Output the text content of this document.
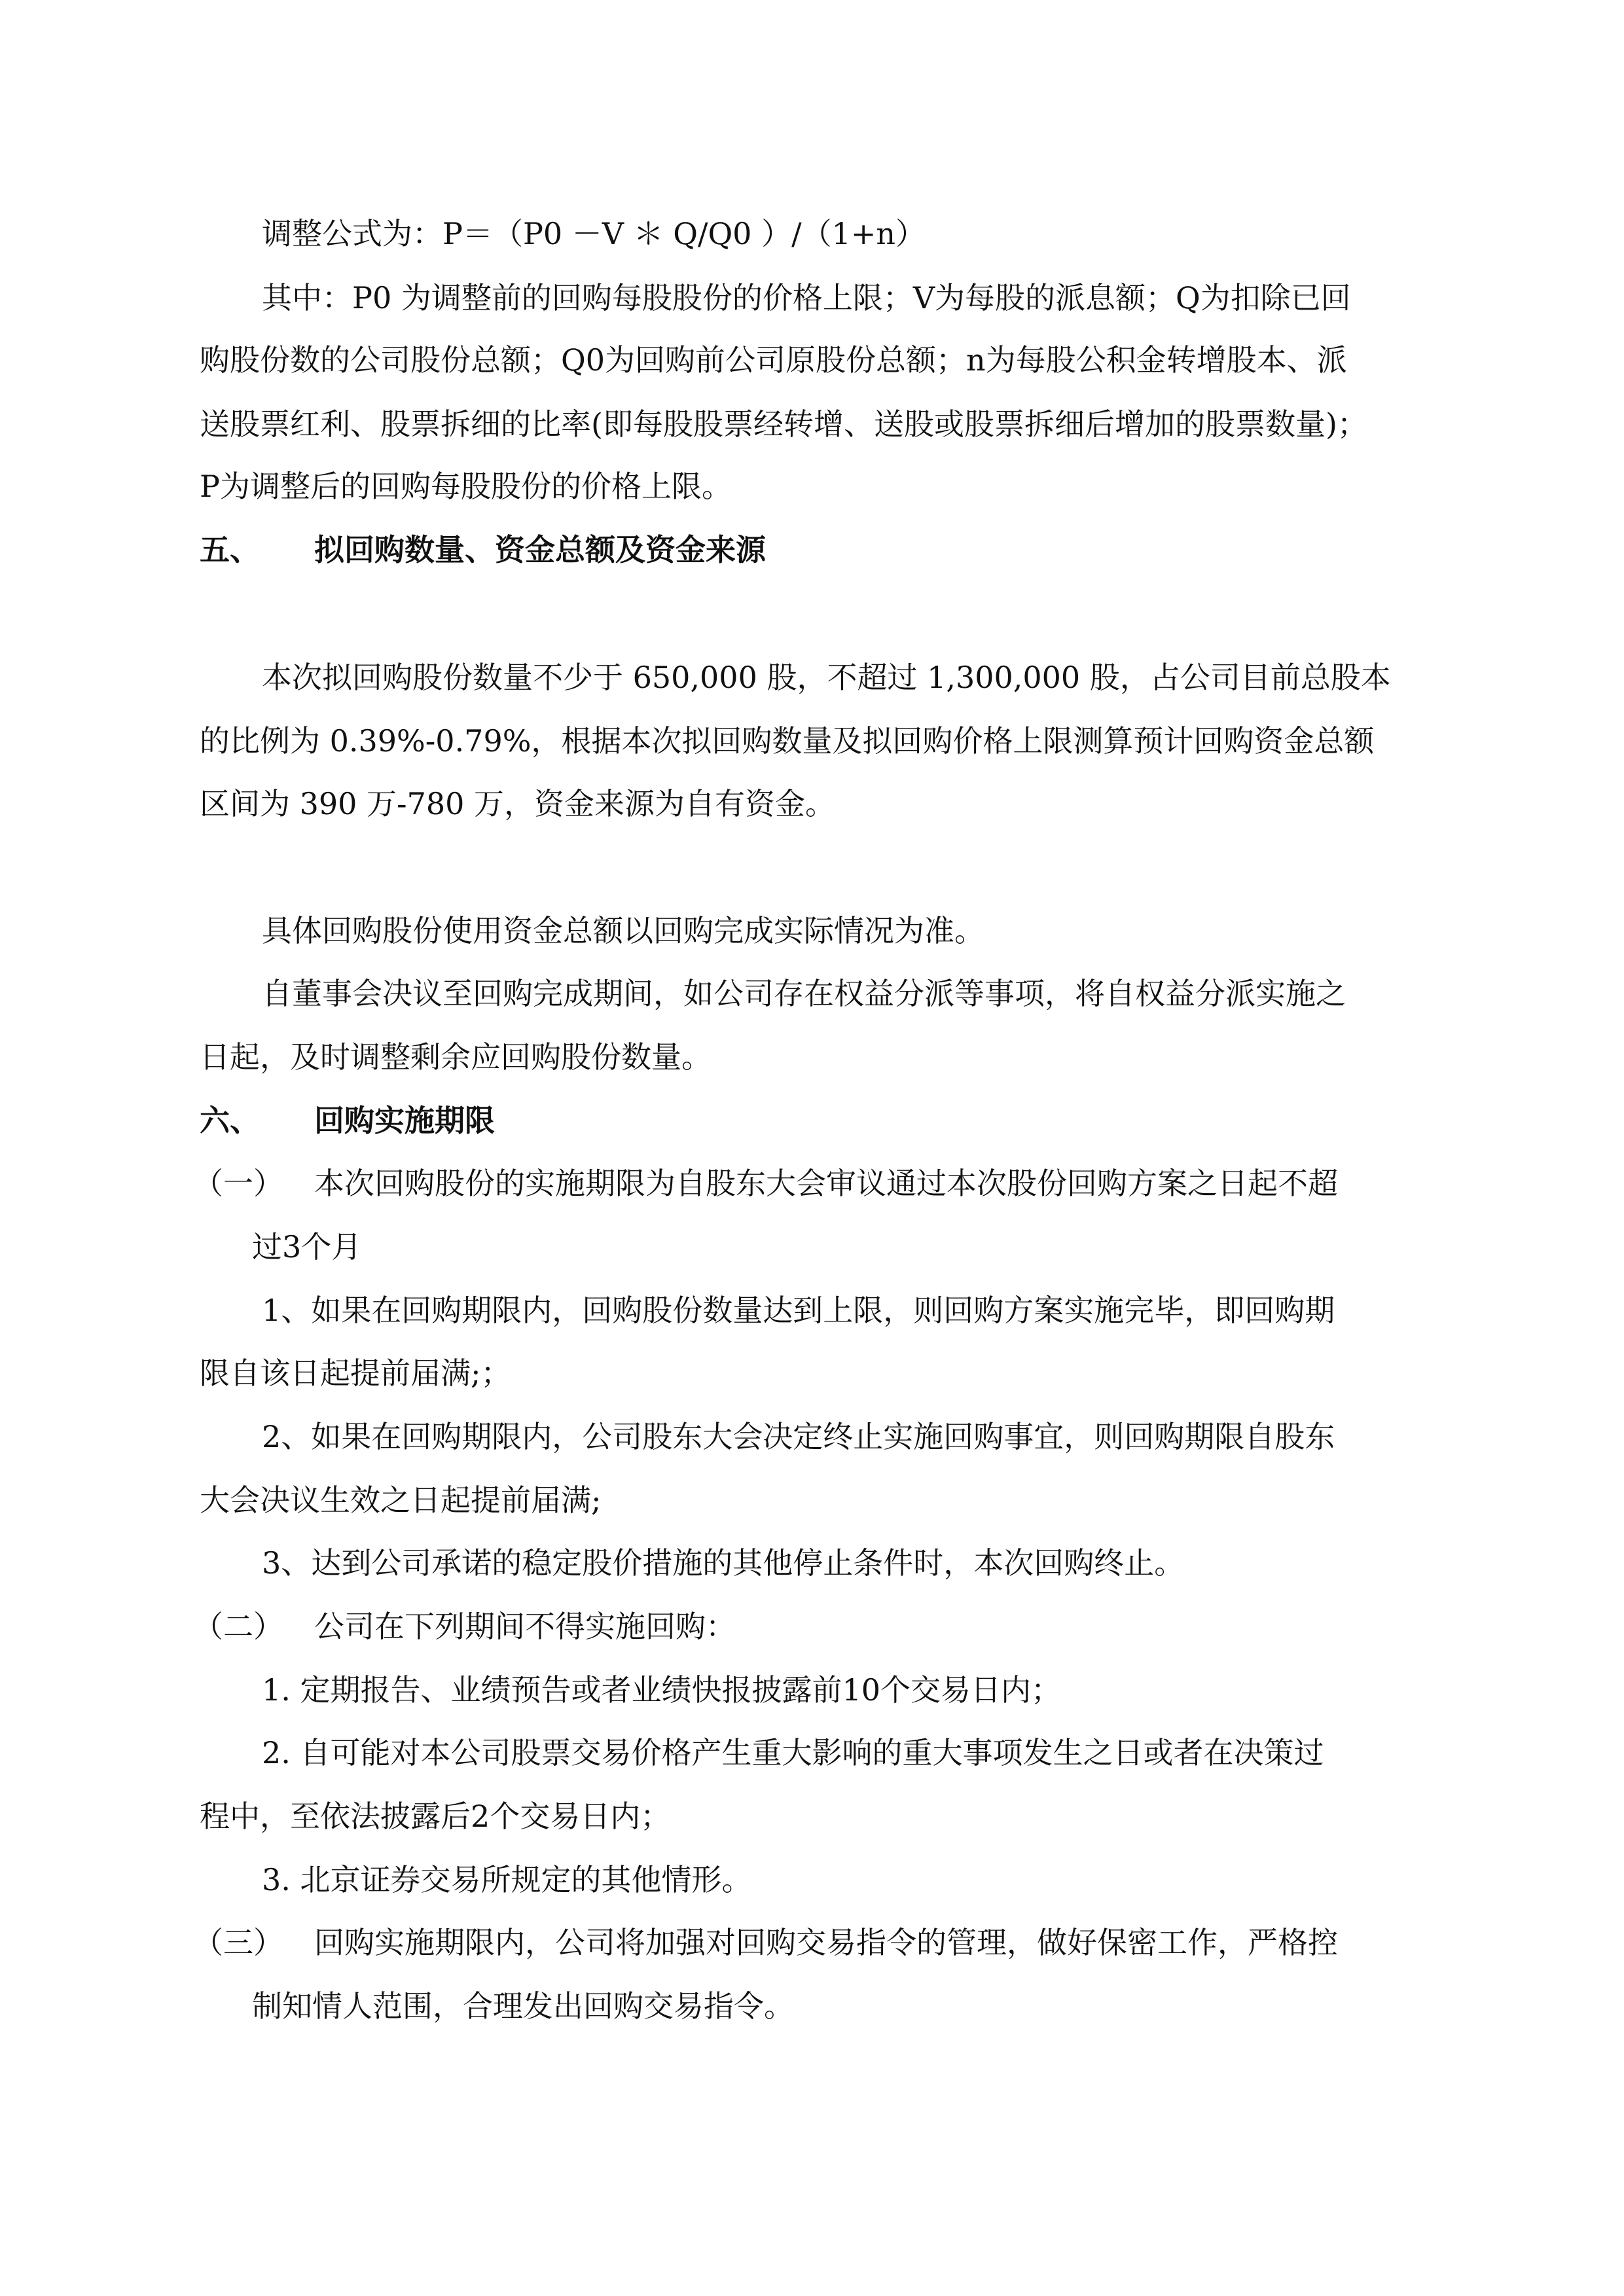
调整公式为：P＝（P0 －V ＊ Q/Q0 ）/（1+n）
其中：P0 为调整前的回购每股股份的价格上限；V为每股的派息额；Q为扣除已回
购股份数的公司股份总额；Q0为回购前公司原股份总额；n为每股公积金转增股本、派
送股票红利、股票拆细的比率(即每股股票经转增、送股或股票拆细后增加的股票数量)；
P为调整后的回购每股股份的价格上限。
五、 拟回购数量、资金总额及资金来源
本次拟回购股份数量不少于 650,000 股，不超过 1,300,000 股，占公司目前总股本
的比例为 0.39%-0.79%，根据本次拟回购数量及拟回购价格上限测算预计回购资金总额
区间为 390 万-780 万，资金来源为自有资金。
具体回购股份使用资金总额以回购完成实际情况为准。
自董事会决议至回购完成期间，如公司存在权益分派等事项，将自权益分派实施之
日起，及时调整剩余应回购股份数量。
六、 回购实施期限
（一） 本次回购股份的实施期限为自股东大会审议通过本次股份回购方案之日起不超
过3个月
1、如果在回购期限内，回购股份数量达到上限，则回购方案实施完毕，即回购期
限自该日起提前届满;；
2、如果在回购期限内，公司股东大会决定终止实施回购事宜，则回购期限自股东
大会决议生效之日起提前届满;
3、达到公司承诺的稳定股价措施的其他停止条件时，本次回购终止。
（二） 公司在下列期间不得实施回购：
1. 定期报告、业绩预告或者业绩快报披露前10个交易日内；
2. 自可能对本公司股票交易价格产生重大影响的重大事项发生之日或者在决策过
程中，至依法披露后2个交易日内；
3. 北京证券交易所规定的其他情形。
（三） 回购实施期限内，公司将加强对回购交易指令的管理，做好保密工作，严格控
制知情人范围，合理发出回购交易指令。
